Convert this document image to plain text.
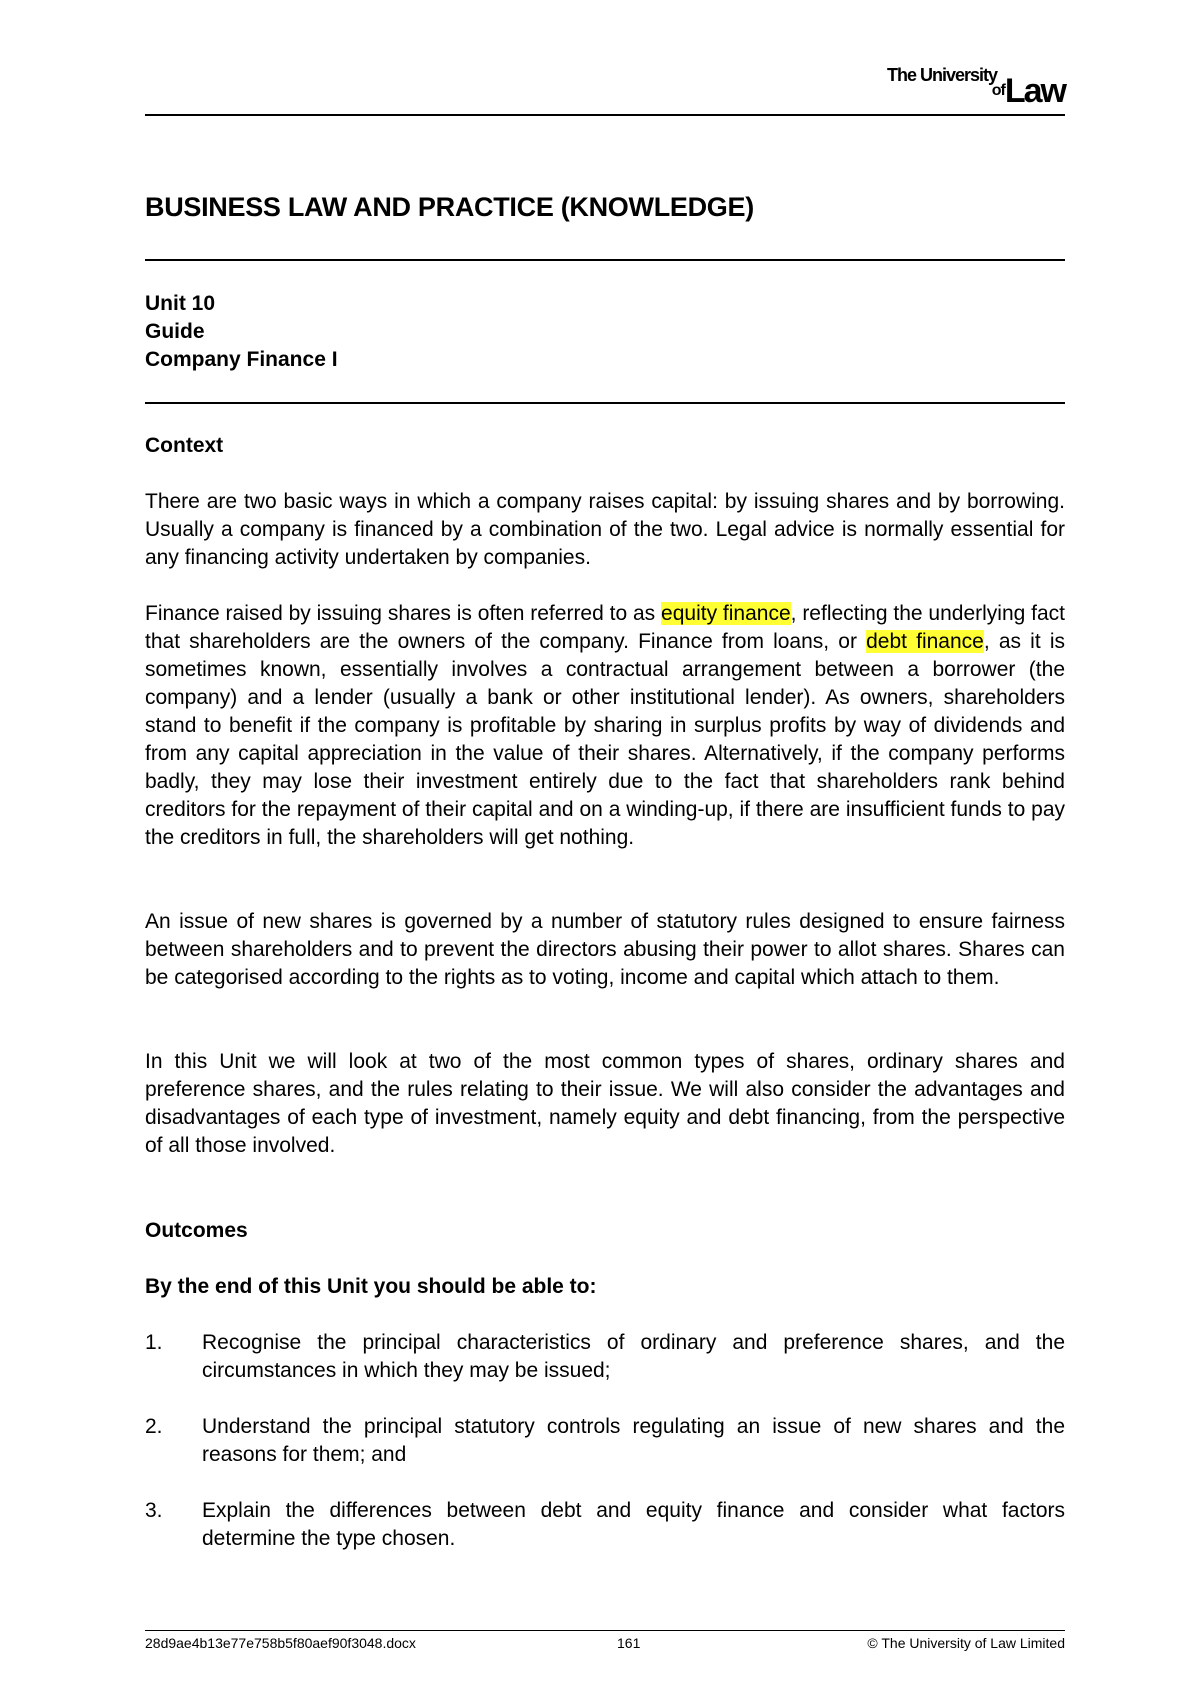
The University
ofLaw
BUSINESS LAW AND PRACTICE (KNOWLEDGE)
Unit 10
Guide
Company Finance I
Context

There are two basic ways in which a company raises capital: by issuing shares and by borrowing. Usually a company is financed by a combination of the two. Legal advice is normally essential for any financing activity undertaken by companies.

Finance raised by issuing shares is often referred to as equity finance, reflecting the underlying fact that shareholders are the owners of the company. Finance from loans, or debt finance, as it is sometimes known, essentially involves a contractual arrangement between a borrower (the company) and a lender (usually a bank or other institutional lender). As owners, shareholders stand to benefit if the company is profitable by sharing in surplus profits by way of dividends and from any capital appreciation in the value of their shares. Alternatively, if the company performs badly, they may lose their investment entirely due to the fact that shareholders rank behind creditors for the repayment of their capital and on a winding-up, if there are insufficient funds to pay the creditors in full, the shareholders will get nothing.

An issue of new shares is governed by a number of statutory rules designed to ensure fairness between shareholders and to prevent the directors abusing their power to allot shares. Shares can be categorised according to the rights as to voting, income and capital which attach to them.

In this Unit we will look at two of the most common types of shares, ordinary shares and preference shares, and the rules relating to their issue. We will also consider the advantages and disadvantages of each type of investment, namely equity and debt financing, from the perspective of all those involved.

Outcomes
By the end of this Unit you should be able to:
1. Recognise the principal characteristics of ordinary and preference shares, and the circumstances in which they may be issued;
2. Understand the principal statutory controls regulating an issue of new shares and the reasons for them; and
3. Explain the differences between debt and equity finance and consider what factors determine the type chosen.
28d9ae4b13e77e758b5f80aef90f3048.docx	161	© The University of Law Limited
